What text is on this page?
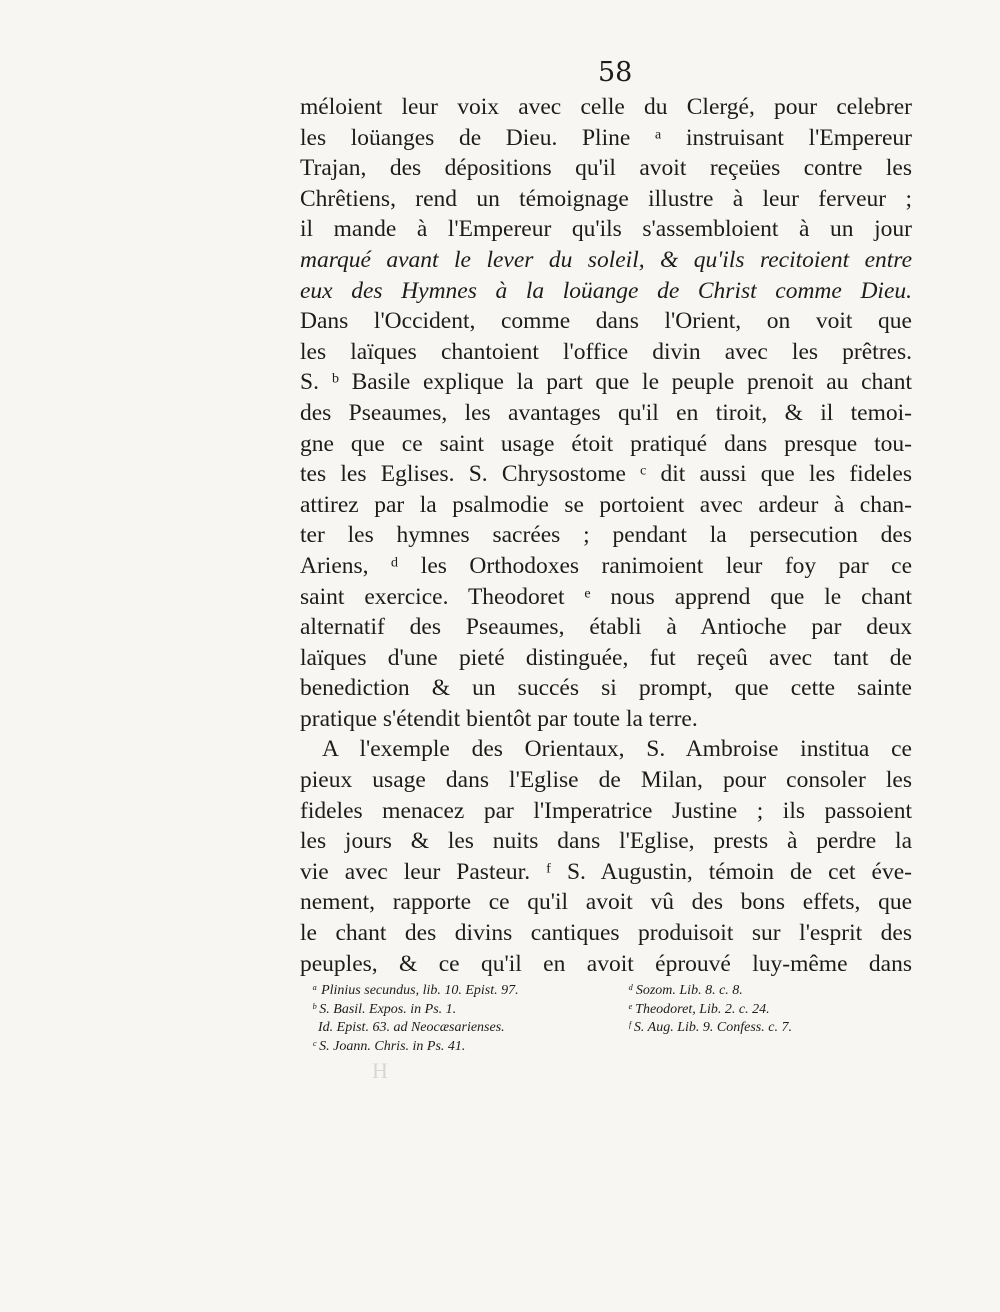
58
méloient leur voix avec celle du Clergé, pour celebrer
les loüanges de Dieu. Pline ᵃ instruisant l'Empereur
Trajan, des dépositions qu'il avoit reçeües contre les
Chrêtiens, rend un témoignage illustre à leur ferveur ;
il mande à l'Empereur qu'ils s'assembloient à un jour
marqué avant le lever du soleil, & qu'ils recitoient entre
eux des Hymnes à la loüange de Christ comme Dieu.
Dans l'Occident, comme dans l'Orient, on voit que
les laïques chantoient l'office divin avec les prêtres.
S. ᵇ Basile explique la part que le peuple prenoit au chant
des Pseaumes, les avantages qu'il en tiroit, & il temoi-
gne que ce saint usage étoit pratiqué dans presque tou-
tes les Eglises. S. Chrysostome ᶜ dit aussi que les fideles
attirez par la psalmodie se portoient avec ardeur à chan-
ter les hymnes sacrées ; pendant la persecution des
Ariens, ᵈ les Orthodoxes ranimoient leur foy par ce
saint exercice. Theodoret ᵉ nous apprend que le chant
alternatif des Pseaumes, établi à Antioche par deux
laïques d'une pieté distinguée, fut reçeû avec tant de
benediction & un succés si prompt, que cette sainte
pratique s'étendit bientôt par toute la terre.
A l'exemple des Orientaux, S. Ambroise institua ce
pieux usage dans l'Eglise de Milan, pour consoler les
fideles menacez par l'Imperatrice Justine ; ils passoient
les jours & les nuits dans l'Eglise, prests à perdre la
vie avec leur Pasteur. ᶠ S. Augustin, témoin de cet éve-
nement, rapporte ce qu'il avoit vû des bons effets, que
le chant des divins cantiques produisoit sur l'esprit des
peuples, & ce qu'il en avoit éprouvé luy-même dans
ᵃ Plinius secundus, lib. 10. Epist. 97.
ᵇ S. Basil. Expos. in Ps. 1.
Id. Epist. 63. ad Neocæsarienses.
ᶜ S. Joann. Chris. in Ps. 41.
ᵈ Sozom. Lib. 8. c. 8.
ᵉ Theodoret, Lib. 2. c. 24.
ᶠ S. Aug. Lib. 9. Confess. c. 7.
H
